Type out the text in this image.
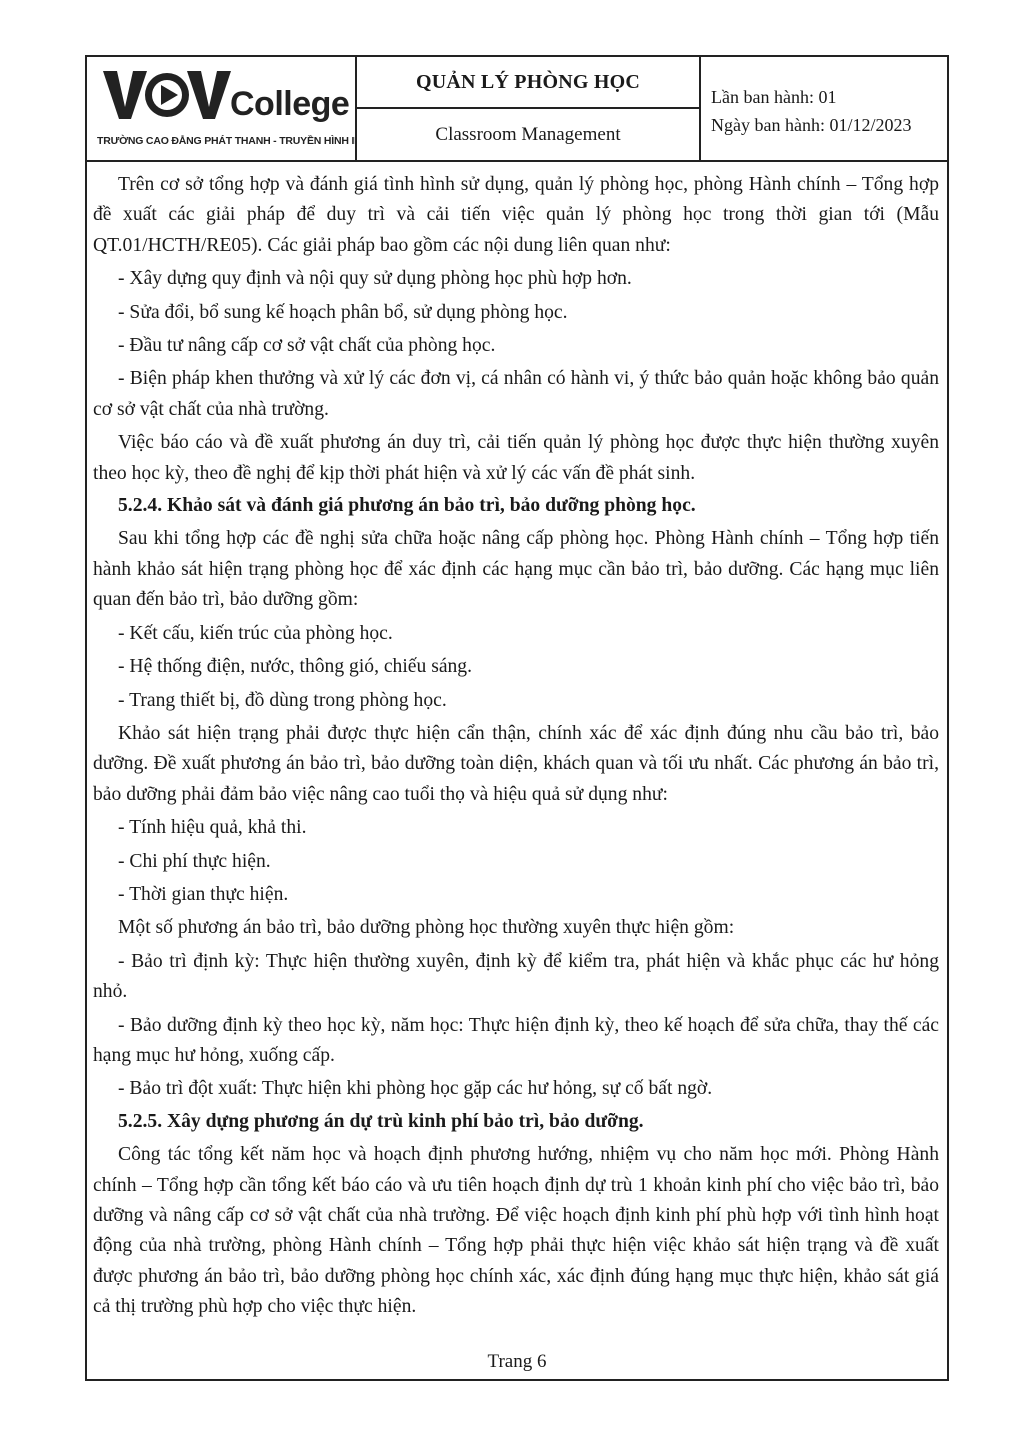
College
TRƯỜNG CAO ĐẲNG PHÁT THANH - TRUYỀN HÌNH II
QUẢN LÝ PHÒNG HỌC
Classroom Management
Lần ban hành: 01
Ngày ban hành: 01/12/2023

Trên cơ sở tổng hợp và đánh giá tình hình sử dụng, quản lý phòng học, phòng Hành chính – Tổng hợp đề xuất các giải pháp để duy trì và cải tiến việc quản lý phòng học trong thời gian tới (Mẫu QT.01/HCTH/RE05). Các giải pháp bao gồm các nội dung liên quan như:

- Xây dựng quy định và nội quy sử dụng phòng học phù hợp hơn.

- Sửa đổi, bổ sung kế hoạch phân bổ, sử dụng phòng học.

- Đầu tư nâng cấp cơ sở vật chất của phòng học.

- Biện pháp khen thưởng và xử lý các đơn vị, cá nhân có hành vi, ý thức bảo quản hoặc không bảo quản cơ sở vật chất của nhà trường.

Việc báo cáo và đề xuất phương án duy trì, cải tiến quản lý phòng học được thực hiện thường xuyên theo học kỳ, theo đề nghị để kịp thời phát hiện và xử lý các vấn đề phát sinh.

5.2.4. Khảo sát và đánh giá phương án bảo trì, bảo dưỡng phòng học.

Sau khi tổng hợp các đề nghị sửa chữa hoặc nâng cấp phòng học. Phòng Hành chính – Tổng hợp tiến hành khảo sát hiện trạng phòng học để xác định các hạng mục cần bảo trì, bảo dưỡng. Các hạng mục liên quan đến bảo trì, bảo dưỡng gồm:

- Kết cấu, kiến trúc của phòng học.

- Hệ thống điện, nước, thông gió, chiếu sáng.

- Trang thiết bị, đồ dùng trong phòng học.

Khảo sát hiện trạng phải được thực hiện cẩn thận, chính xác để xác định đúng nhu cầu bảo trì, bảo dưỡng. Đề xuất phương án bảo trì, bảo dưỡng toàn diện, khách quan và tối ưu nhất. Các phương án bảo trì, bảo dưỡng phải đảm bảo việc nâng cao tuổi thọ và hiệu quả sử dụng như:

- Tính hiệu quả, khả thi.

- Chi phí thực hiện.

- Thời gian thực hiện.

Một số phương án bảo trì, bảo dưỡng phòng học thường xuyên thực hiện gồm:

- Bảo trì định kỳ: Thực hiện thường xuyên, định kỳ để kiểm tra, phát hiện và khắc phục các hư hỏng nhỏ.

- Bảo dưỡng định kỳ theo học kỳ, năm học: Thực hiện định kỳ, theo kế hoạch để sửa chữa, thay thế các hạng mục hư hỏng, xuống cấp.

- Bảo trì đột xuất: Thực hiện khi phòng học gặp các hư hỏng, sự cố bất ngờ.

5.2.5. Xây dựng phương án dự trù kinh phí bảo trì, bảo dưỡng.

Công tác tổng kết năm học và hoạch định phương hướng, nhiệm vụ cho năm học mới. Phòng Hành chính – Tổng hợp cần tổng kết báo cáo và ưu tiên hoạch định dự trù 1 khoản kinh phí cho việc bảo trì, bảo dưỡng và nâng cấp cơ sở vật chất của nhà trường. Để việc hoạch định kinh phí phù hợp với tình hình hoạt động của nhà trường, phòng Hành chính – Tổng hợp phải thực hiện việc khảo sát hiện trạng và đề xuất được phương án bảo trì, bảo dưỡng phòng học chính xác, xác định đúng hạng mục thực hiện, khảo sát giá cả thị trường phù hợp cho việc thực hiện.

Trang 6
